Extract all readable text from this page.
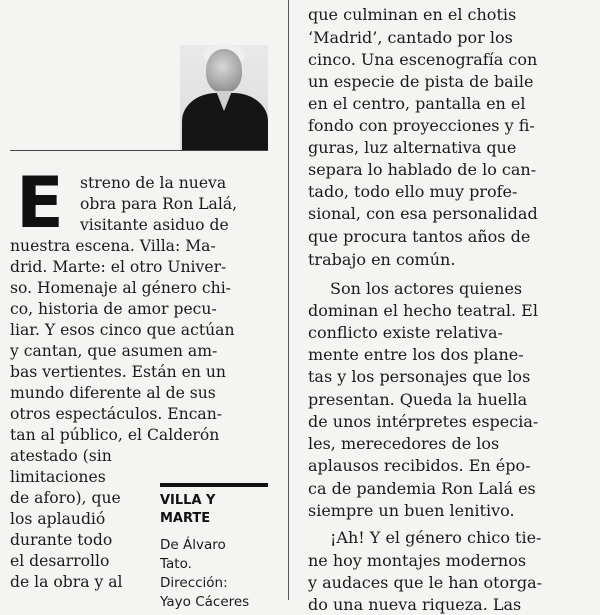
E	streno de la nueva
obra para Ron Lalá,
visitante asiduo de
nuestra escena. Villa: Ma-
drid. Marte: el otro Univer-
so. Homenaje al género chi-
co, historia de amor pecu-
liar. Y esos cinco que actúan
y cantan, que asumen am-
bas vertientes. Están en un
mundo diferente al de sus
otros espectáculos. Encan-
tan al público, el Calderón
atestado (sin
limitaciones
de aforo), que
los aplaudió
durante todo
el desarrollo
de la obra y al
VILLA Y MARTE
De Álvaro
Tato.
Dirección:
Yayo Cáceres
que culminan en el chotis
‘Madrid’, cantado por los
cinco. Una escenografía con
un especie de pista de baile
en el centro, pantalla en el
fondo con proyecciones y fi-
guras, luz alternativa que
separa lo hablado de lo can-
tado, todo ello muy profe-
sional, con esa personalidad
que procura tantos años de
trabajo en común.
Son los actores quienes
dominan el hecho teatral. El
conflicto existe relativa-
mente entre los dos plane-
tas y los personajes que los
presentan. Queda la huella
de unos intérpretes especia-
les, merecedores de los
aplausos recibidos. En épo-
ca de pandemia Ron Lalá es
siempre un buen lenitivo.
¡Ah! Y el género chico tie-
ne hoy montajes modernos
y audaces que le han otorga-
do una nueva riqueza. Las
